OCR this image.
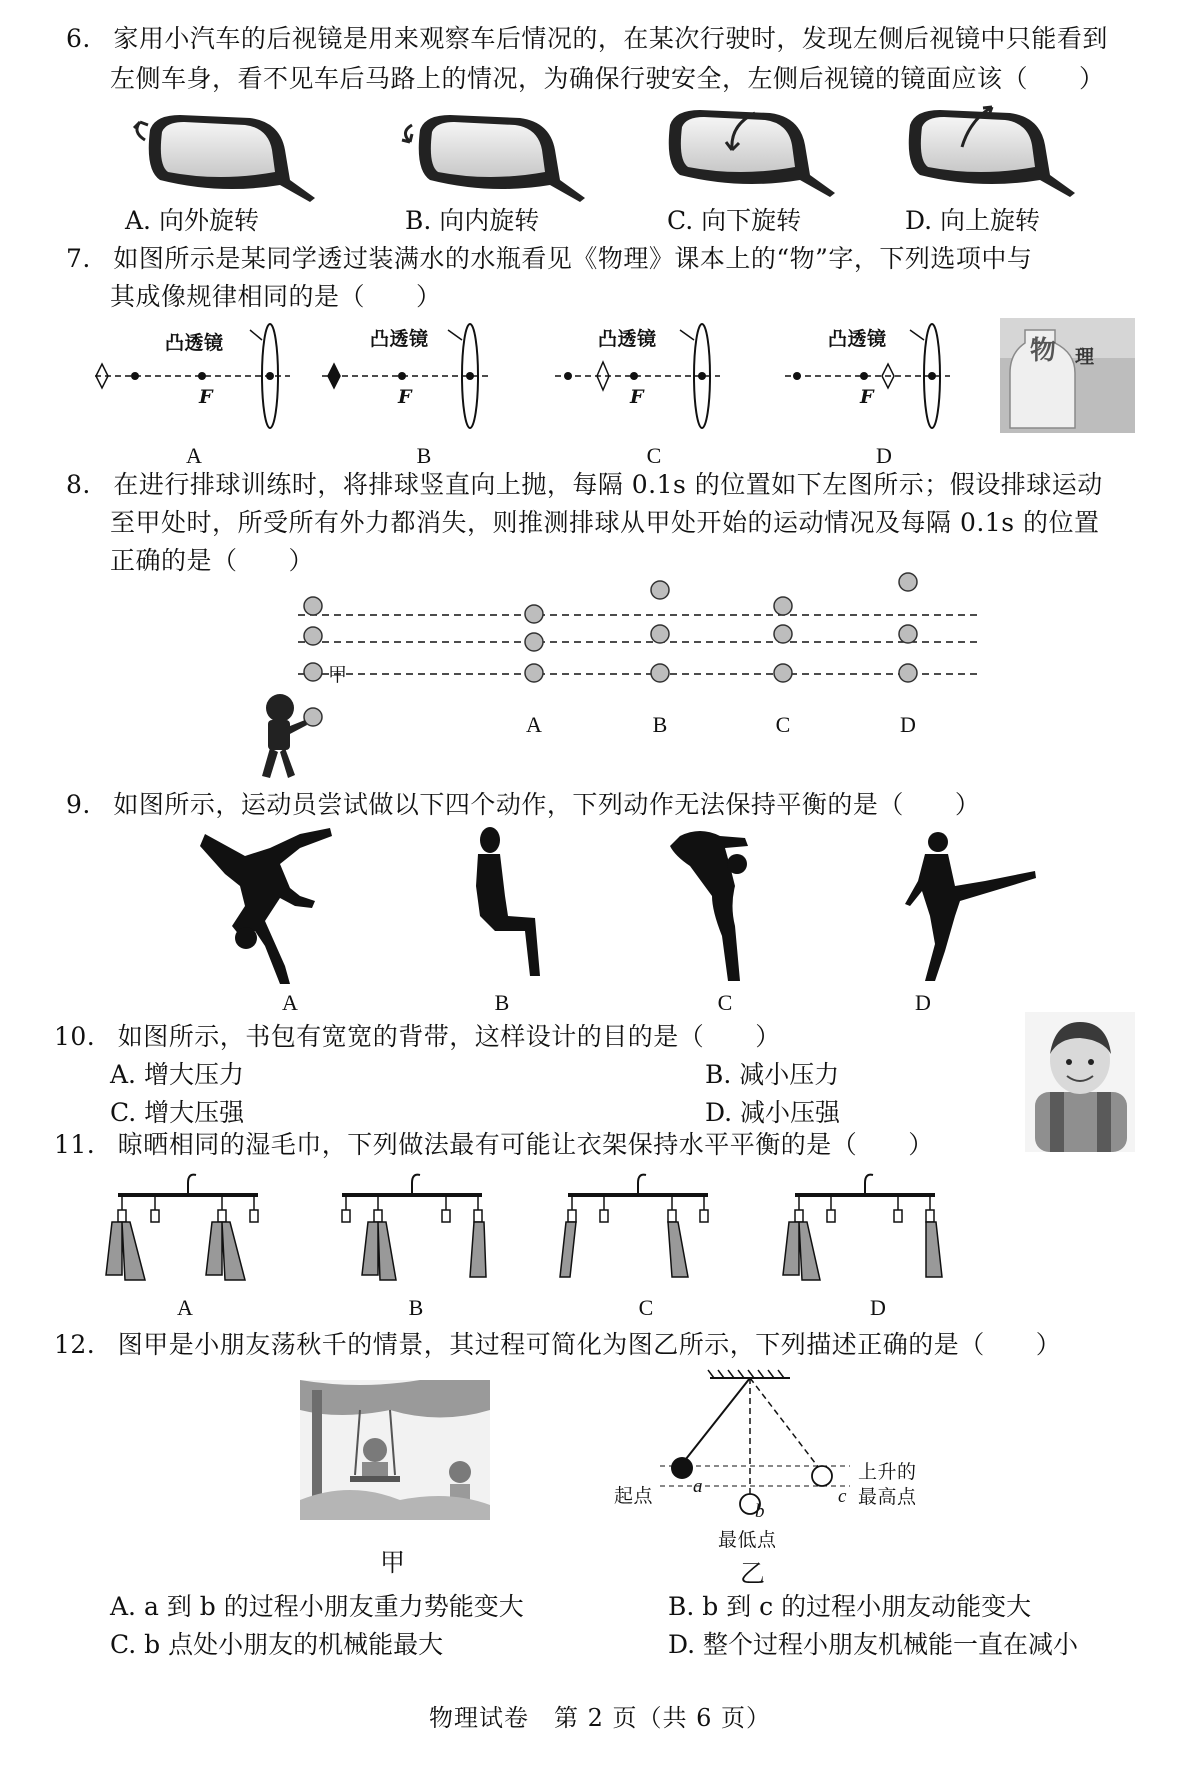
6. 家用小汽车的后视镜是用来观察车后情况的，在某次行驶时，发现左侧后视镜中只能看到
左侧车身，看不见车后马路上的情况，为确保行驶安全，左侧后视镜的镜面应该（　　）
A. 向外旋转	B. 向内旋转	C. 向下旋转	D. 向上旋转
7. 如图所示是某同学透过装满水的水瓶看见《物理》课本上的“物”字，下列选项中与
其成像规律相同的是（　　）
凸透镜	凸透镜	凸透镜	凸透镜
F	F	F	F
物 理
A	B	C	D
8. 在进行排球训练时，将排球竖直向上抛，每隔 0.1s 的位置如下左图所示；假设排球运动
至甲处时，所受所有外力都消失，则推测排球从甲处开始的运动情况及每隔 0.1s 的位置
正确的是（　　）
甲
A	B	C	D
9. 如图所示，运动员尝试做以下四个动作，下列动作无法保持平衡的是（　　）
A	B	C	D
10. 如图所示，书包有宽宽的背带，这样设计的目的是（　　）
A. 增大压力	B. 减小压力
C. 增大压强	D. 减小压强
11. 晾晒相同的湿毛巾，下列做法最有可能让衣架保持水平平衡的是（　　）
A	B	C	D
12. 图甲是小朋友荡秋千的情景，其过程可简化为图乙所示，下列描述正确的是（　　）
甲
起点 a
b
c
上升的
最高点
最低点
乙
A. a 到 b 的过程小朋友重力势能变大	B. b 到 c 的过程小朋友动能变大
C. b 点处小朋友的机械能最大	D. 整个过程小朋友机械能一直在减小
物理试卷　第 2 页（共 6 页）
